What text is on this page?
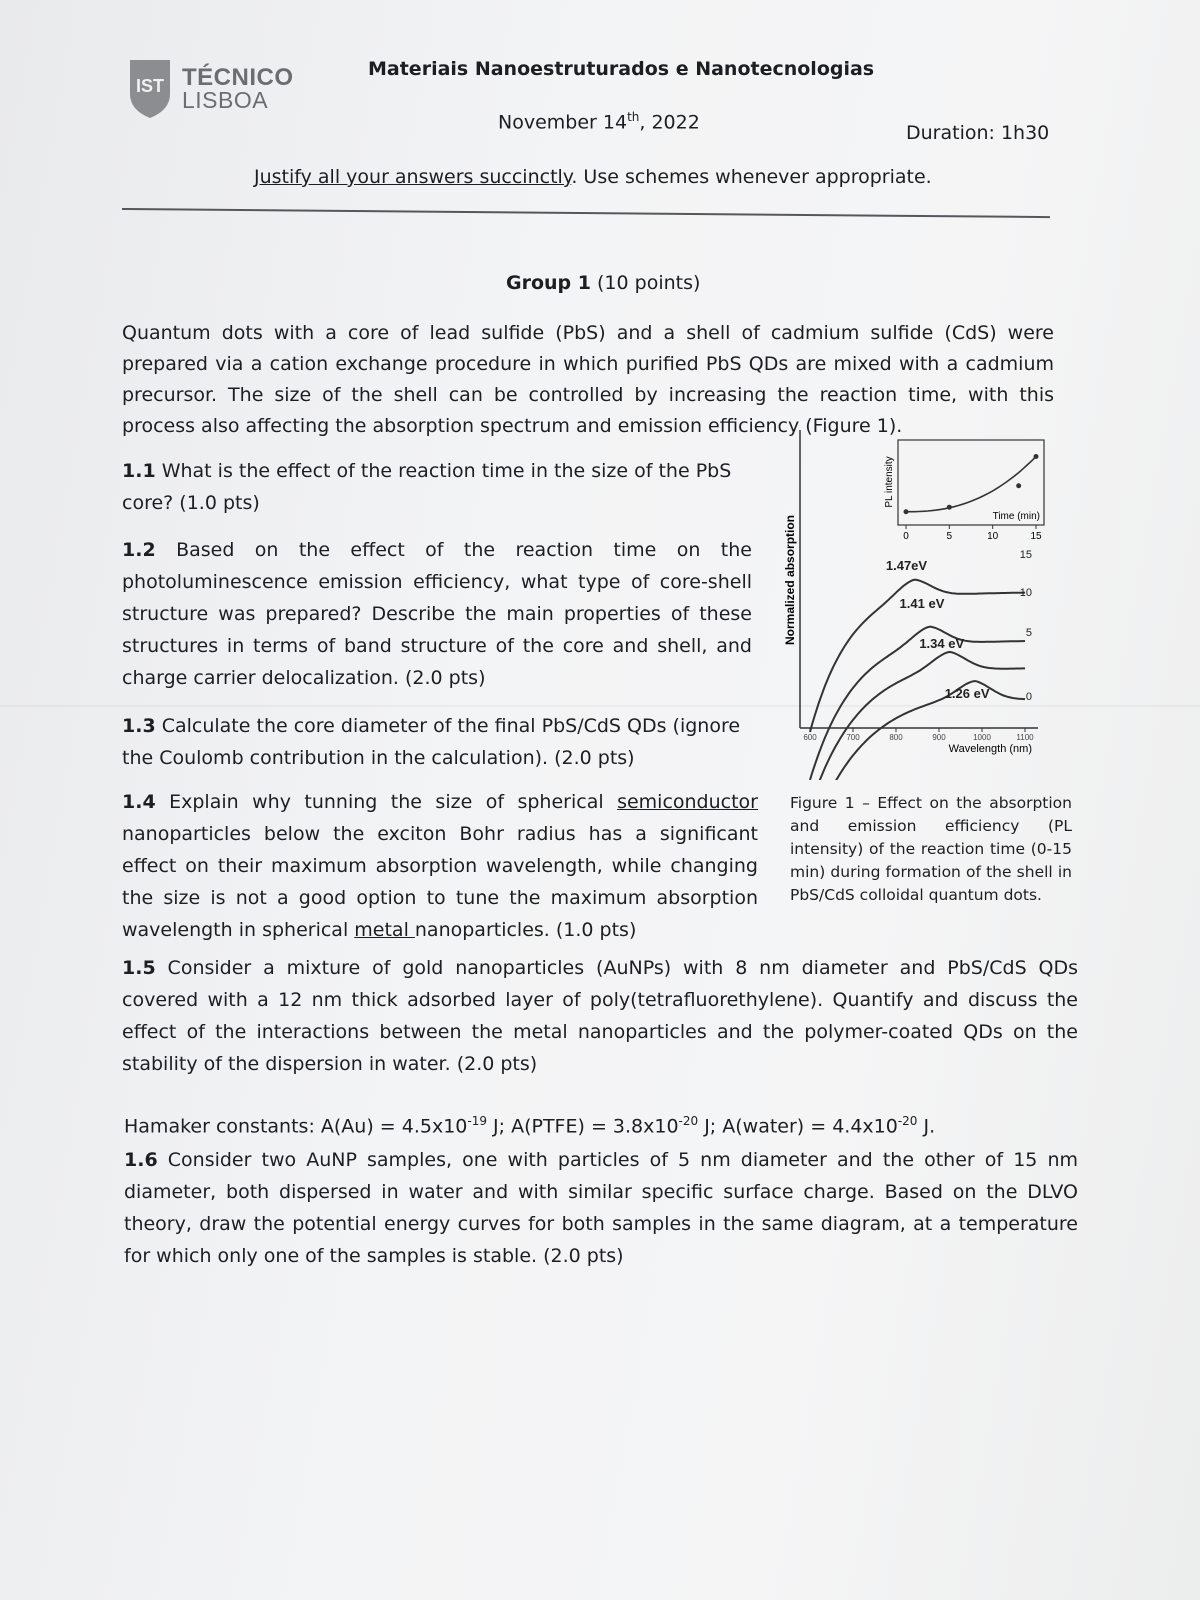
IST TÉCNICO
LISBOA
Materiais Nanoestruturados e Nanotecnologias
November 14th, 2022	Duration: 1h30
Justify all your answers succinctly. Use schemes whenever appropriate.
Group 1 (10 points)
Quantum dots with a core of lead sulfide (PbS) and a shell of cadmium sulfide (CdS) were prepared via a cation exchange procedure in which purified PbS QDs are mixed with a cadmium precursor. The size of the shell can be controlled by increasing the reaction time, with this process also affecting the absorption spectrum and emission efficiency (Figure 1).
1.1 What is the effect of the reaction time in the size of the PbS core? (1.0 pts)
1.2 Based on the effect of the reaction time on the photoluminescence emission efficiency, what type of core-shell structure was prepared? Describe the main properties of these structures in terms of band structure of the core and shell, and charge carrier delocalization. (2.0 pts)
1.3 Calculate the core diameter of the final PbS/CdS QDs (ignore the Coulomb contribution in the calculation). (2.0 pts)
1.4 Explain why tunning the size of spherical semiconductor nanoparticles below the exciton Bohr radius has a significant effect on their maximum absorption wavelength, while changing the size is not a good option to tune the maximum absorption wavelength in spherical metal nanoparticles. (1.0 pts)
Normalized absorption
Wavelength (nm)
600	700	800	900	1000	1100
1.47eV
15
1.41 eV
10
1.34 eV
5
1.26 eV	0
PL intensity
Time (min)
0	5	10	15
Figure 1 – Effect on the absorption and emission efficiency (PL intensity) of the reaction time (0-15 min) during formation of the shell in PbS/CdS colloidal quantum dots.
1.5 Consider a mixture of gold nanoparticles (AuNPs) with 8 nm diameter and PbS/CdS QDs covered with a 12 nm thick adsorbed layer of poly(tetrafluorethylene). Quantify and discuss the effect of the interactions between the metal nanoparticles and the polymer-coated QDs on the stability of the dispersion in water. (2.0 pts)
Hamaker constants: $A(Au) = 4.5x10^{-19}$ J; A(PTFE) = $3.8x10^{-20}$ J; A(water) = $4.4x10^{-20}$ J.
1.6 Consider two AuNP samples, one with particles of 5 nm diameter and the other of 15 nm diameter, both dispersed in water and with similar specific surface charge. Based on the DLVO theory, draw the potential energy curves for both samples in the same diagram, at a temperature for which only one of the samples is stable. (2.0 pts)
